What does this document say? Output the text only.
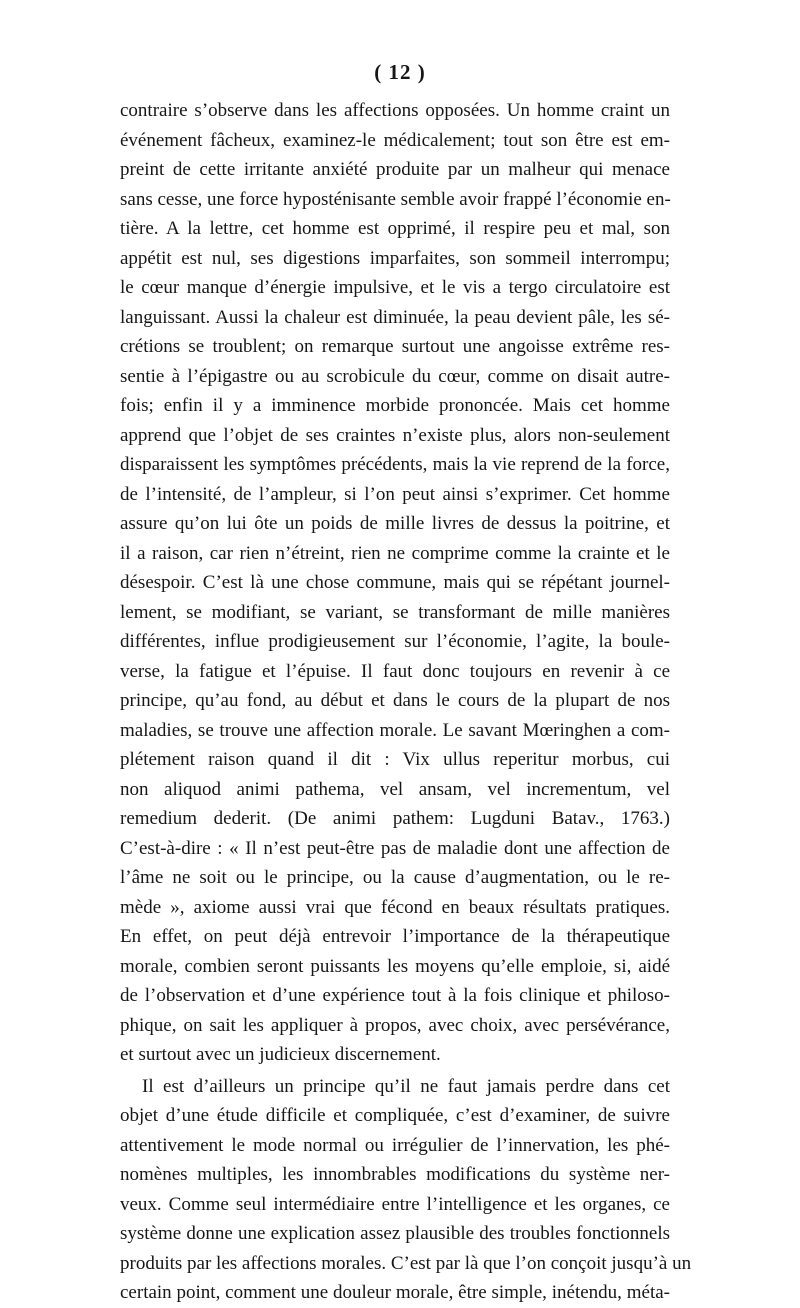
( 12 )
contraire s’observe dans les affections opposées. Un homme craint un
événement fâcheux, examinez-le médicalement; tout son être est em-
preint de cette irritante anxiété produite par un malheur qui menace
sans cesse, une force hyposténisante semble avoir frappé l’économie en-
tière. A la lettre, cet homme est opprimé, il respire peu et mal, son
appétit est nul, ses digestions imparfaites, son sommeil interrompu;
le cœur manque d’énergie impulsive, et le vis a tergo circulatoire est
languissant. Aussi la chaleur est diminuée, la peau devient pâle, les sé-
crétions se troublent; on remarque surtout une angoisse extrême res-
sentie à l’épigastre ou au scrobicule du cœur, comme on disait autre-
fois; enfin il y a imminence morbide prononcée. Mais cet homme
apprend que l’objet de ses craintes n’existe plus, alors non-seulement
disparaissent les symptômes précédents, mais la vie reprend de la force,
de l’intensité, de l’ampleur, si l’on peut ainsi s’exprimer. Cet homme
assure qu’on lui ôte un poids de mille livres de dessus la poitrine, et
il a raison, car rien n’étreint, rien ne comprime comme la crainte et le
désespoir. C’est là une chose commune, mais qui se répétant journel-
lement, se modifiant, se variant, se transformant de mille manières
différentes, influe prodigieusement sur l’économie, l’agite, la boule-
verse, la fatigue et l’épuise. Il faut donc toujours en revenir à ce
principe, qu’au fond, au début et dans le cours de la plupart de nos
maladies, se trouve une affection morale. Le savant Mœringhen a com-
plétement raison quand il dit : Vix ullus reperitur morbus, cui
non aliquod animi pathema, vel ansam, vel incrementum, vel
remedium dederit. (De animi pathem: Lugduni Batav., 1763.)
C’est-à-dire : « Il n’est peut-être pas de maladie dont une affection de
l’âme ne soit ou le principe, ou la cause d’augmentation, ou le re-
mède », axiome aussi vrai que fécond en beaux résultats pratiques.
En effet, on peut déjà entrevoir l’importance de la thérapeutique
morale, combien seront puissants les moyens qu’elle emploie, si, aidé
de l’observation et d’une expérience tout à la fois clinique et philoso-
phique, on sait les appliquer à propos, avec choix, avec persévérance,
et surtout avec un judicieux discernement.
Il est d’ailleurs un principe qu’il ne faut jamais perdre dans cet
objet d’une étude difficile et compliquée, c’est d’examiner, de suivre
attentivement le mode normal ou irrégulier de l’innervation, les phé-
nomènes multiples, les innombrables modifications du système ner-
veux. Comme seul intermédiaire entre l’intelligence et les organes, ce
système donne une explication assez plausible des troubles fonctionnels
produits par les affections morales. C’est par là que l’on conçoit jusqu’à un
certain point, comment une douleur morale, être simple, inétendu, méta-
